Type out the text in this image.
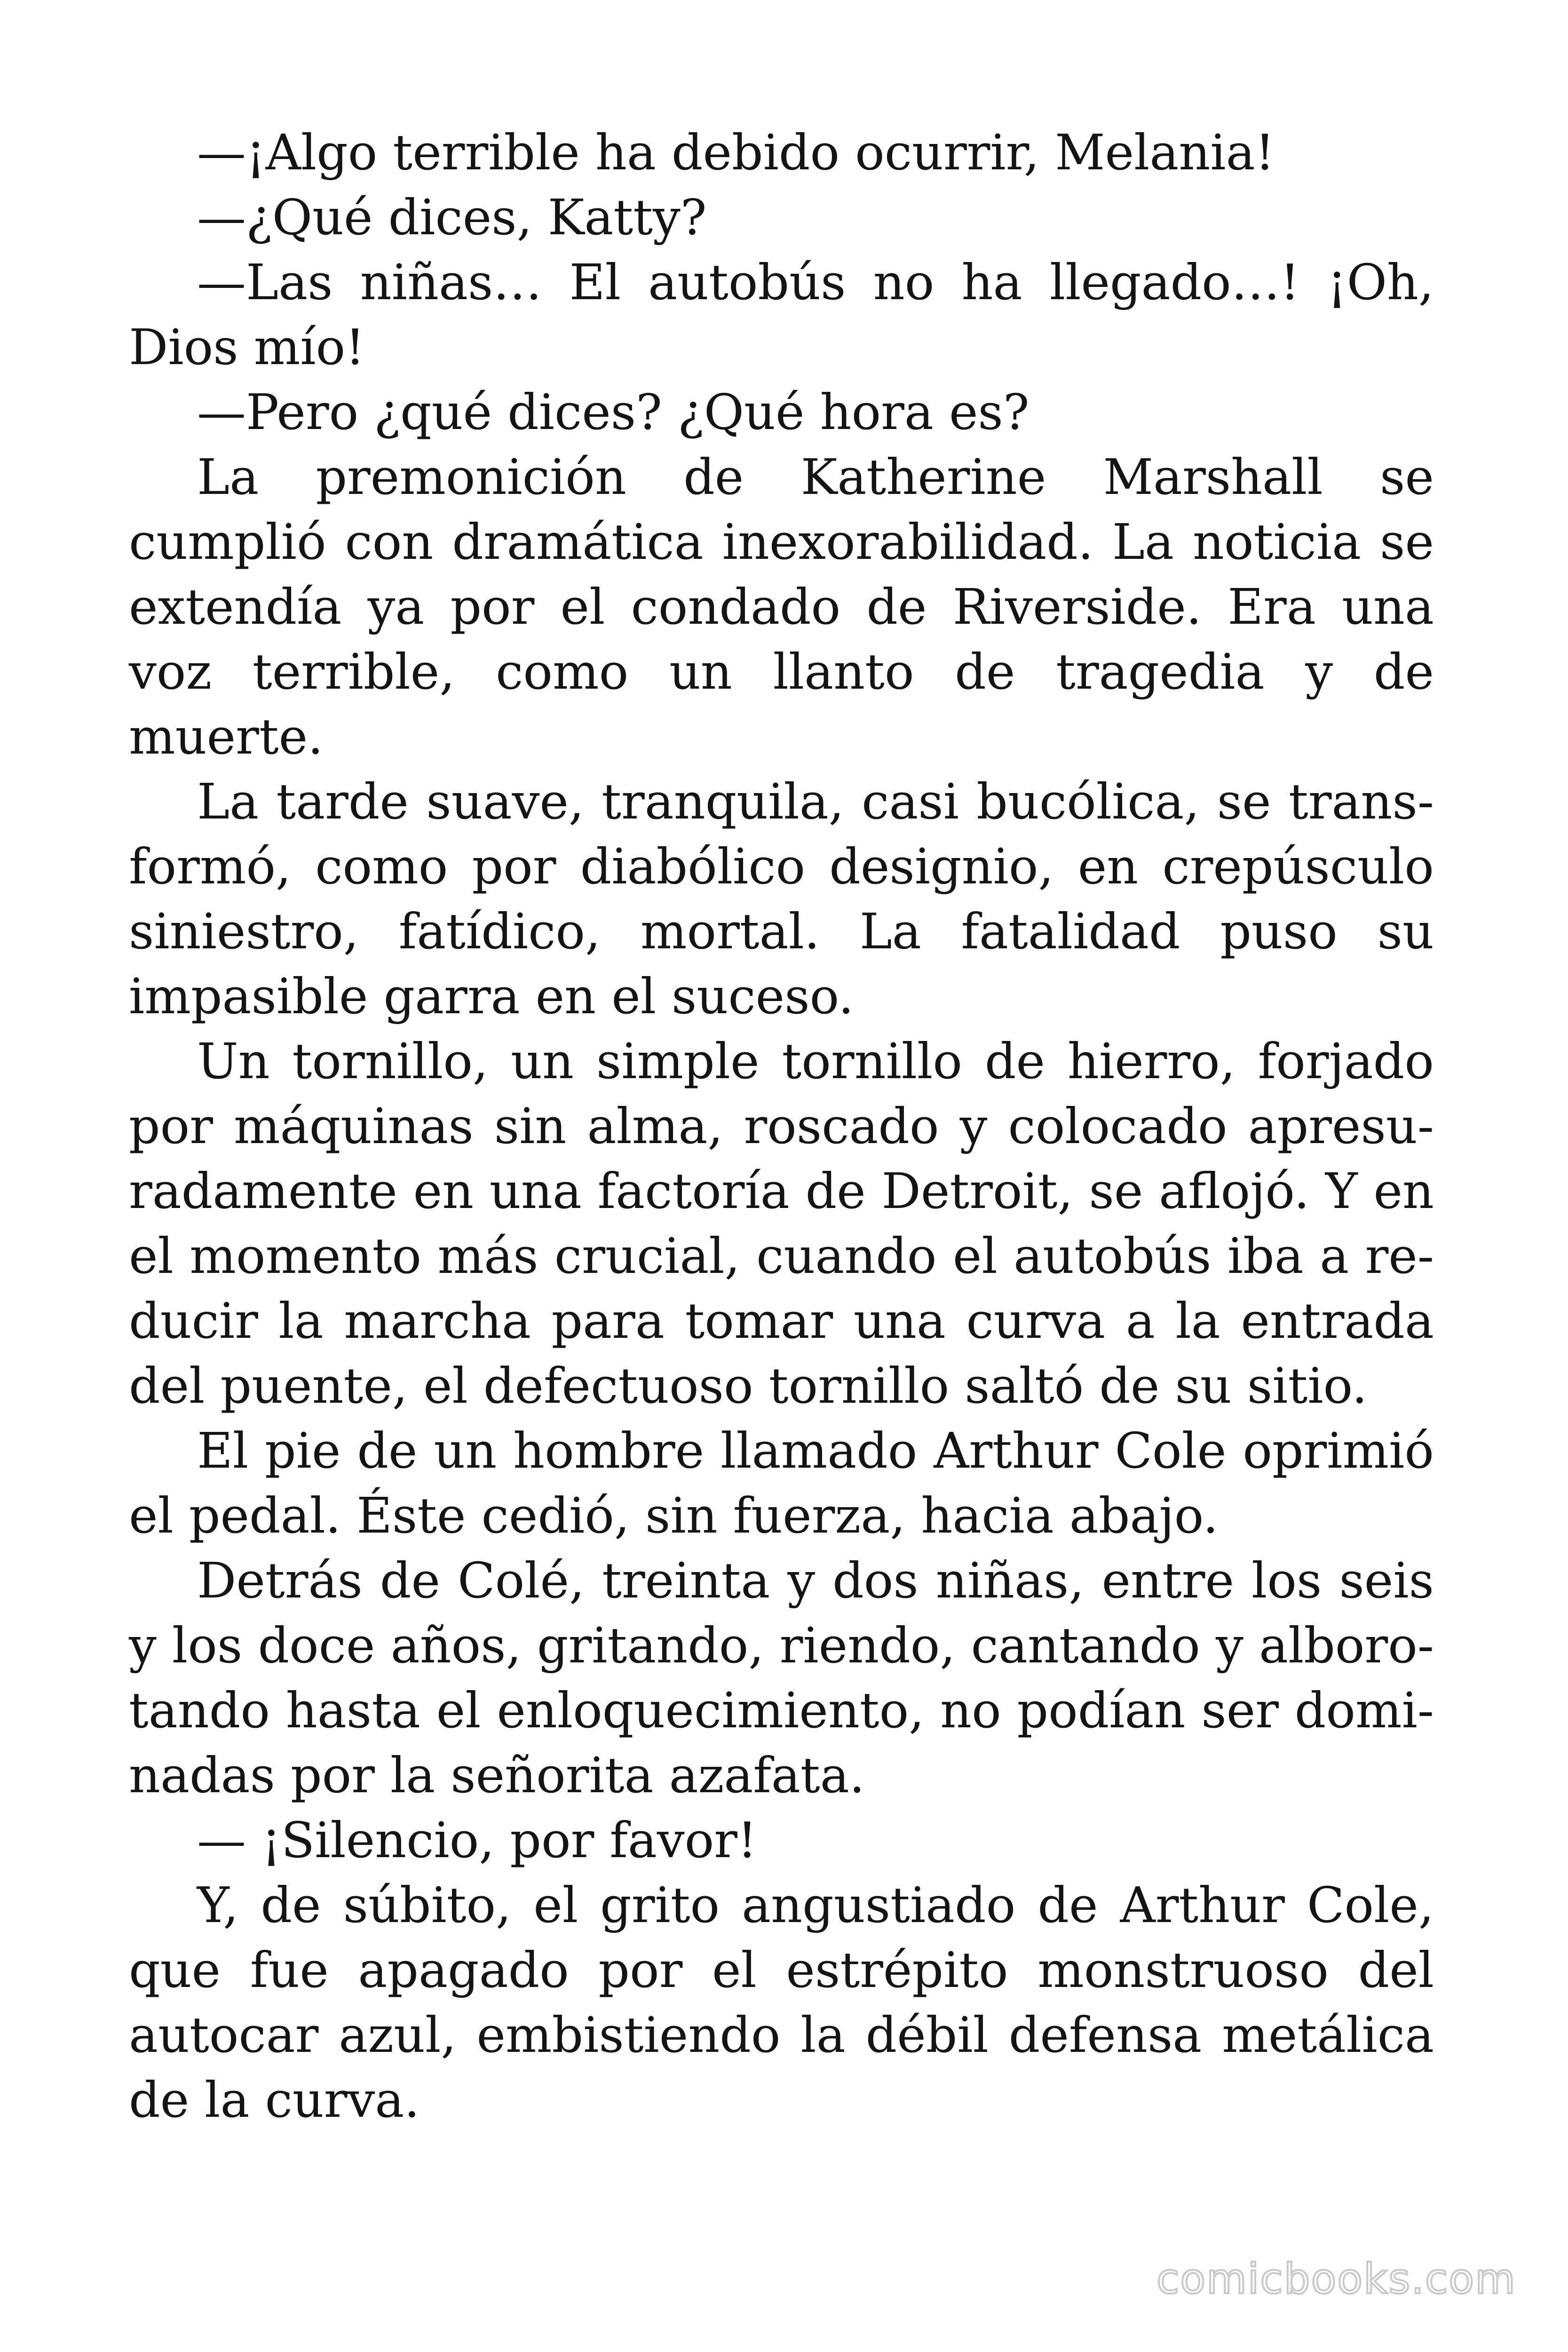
—¡Algo terrible ha debido ocurrir, Melania!

—¿Qué dices, Katty?

—Las niñas… El autobús no ha llegado…! ¡Oh, Dios mío!

—Pero ¿qué dices? ¿Qué hora es?

La premonición de Katherine Marshall se cumplió con dramática inexorabilidad. La noticia se extendía ya por el condado de Riverside. Era una voz terrible, como un llanto de tragedia y de muerte.

La tarde suave, tranquila, casi bucólica, se transformó, como por diabólico designio, en crepúsculo siniestro, fatídico, mortal. La fatalidad puso su impasible garra en el suceso.

Un tornillo, un simple tornillo de hierro, forjado por máquinas sin alma, roscado y colocado apresuradamente en una factoría de Detroit, se aflojó. Y en el momento más crucial, cuando el autobús iba a reducir la marcha para tomar una curva a la entrada del puente, el defectuoso tornillo saltó de su sitio.

El pie de un hombre llamado Arthur Cole oprimió el pedal. Éste cedió, sin fuerza, hacia abajo.

Detrás de Colé, treinta y dos niñas, entre los seis y los doce años, gritando, riendo, cantando y alborotando hasta el enloquecimiento, no podían ser dominadas por la señorita azafata.

— ¡Silencio, por favor!

Y, de súbito, el grito angustiado de Arthur Cole, que fue apagado por el estrépito monstruoso del autocar azul, embistiendo la débil defensa metálica de la curva.

comicbooks.com
